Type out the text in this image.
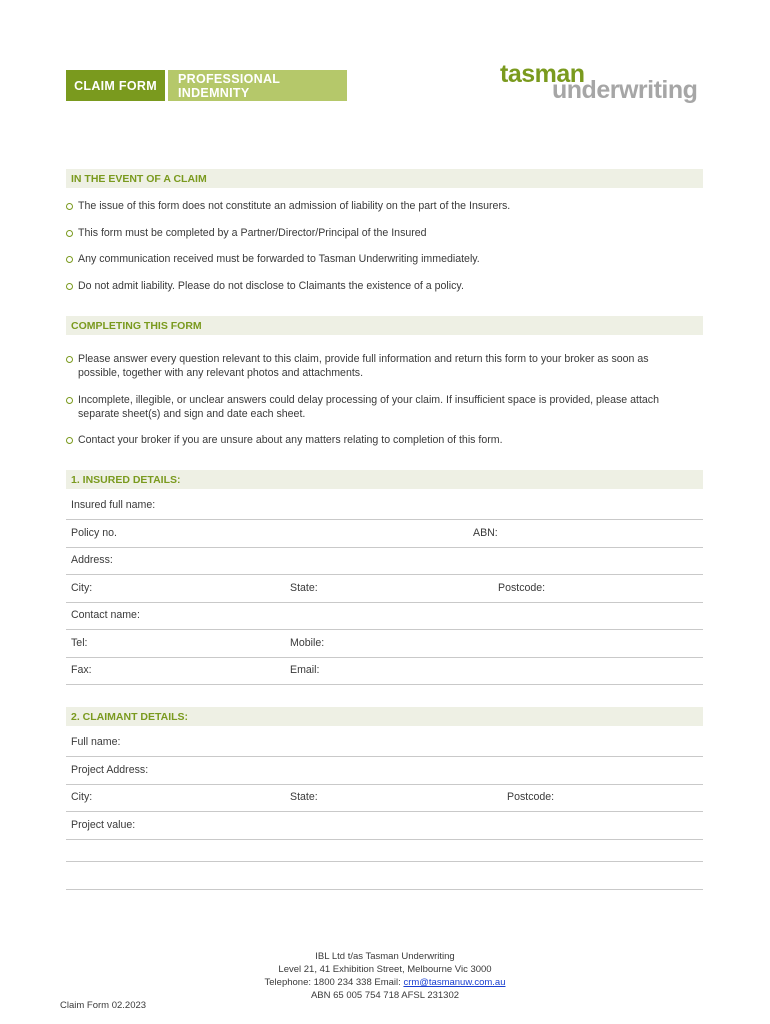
CLAIM FORM	PROFESSIONAL INDEMNITY
tasman
underwriting
IN THE EVENT OF A CLAIM
The issue of this form does not constitute an admission of liability on the part of the Insurers.
This form must be completed by a Partner/Director/Principal of the Insured
Any communication received must be forwarded to Tasman Underwriting immediately.
Do not admit liability. Please do not disclose to Claimants the existence of a policy.
COMPLETING THIS FORM
Please answer every question relevant to this claim, provide full information and return this form to your broker as soon as possible, together with any relevant photos and attachments.
Incomplete, illegible, or unclear answers could delay processing of your claim. If insufficient space is provided, please attach separate sheet(s) and sign and date each sheet.
Contact your broker if you are unsure about any matters relating to completion of this form.
1. INSURED DETAILS:
Insured full name:
Policy no.	ABN:
Address:
City:	State:	Postcode:
Contact name:
Tel:	Mobile:
Fax:	Email:
2. CLAIMANT DETAILS:
Full name:
Project Address:
City:	State:	Postcode:
Project value:
IBL Ltd t/as Tasman Underwriting
Level 21, 41 Exhibition Street, Melbourne Vic 3000
Telephone: 1800 234 338 Email: crm@tasmanuw.com.au
ABN 65 005 754 718 AFSL 231302
Claim Form 02.2023
